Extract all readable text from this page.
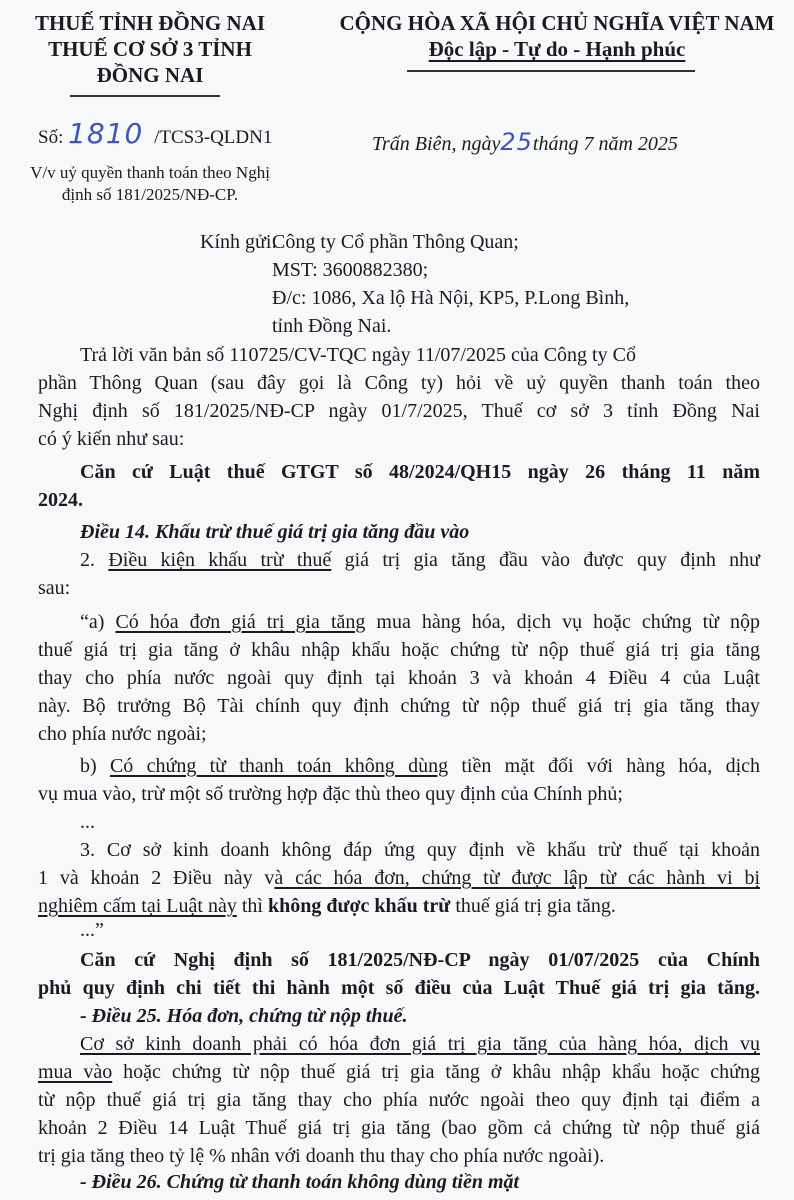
THUẾ TỈNH ĐỒNG NAI
THUẾ CƠ SỞ 3 TỈNH
ĐỒNG NAI
CỘNG HÒA XÃ HỘI CHỦ NGHĨA VIỆT NAM
Độc lập - Tự do - Hạnh phúc
Số: 1810 /TCS3-QLDN1	Trấn Biên, ngày25tháng 7 năm 2025
V/v uỷ quyền thanh toán theo Nghị
định số 181/2025/NĐ-CP.
Kính gửi:
Công ty Cổ phần Thông Quan;
MST: 3600882380;
Đ/c: 1086, Xa lộ Hà Nội, KP5, P.Long Bình,
tỉnh Đồng Nai.
Trả lời văn bản số 110725/CV-TQC ngày 11/07/2025 của Công ty Cổ
phần Thông Quan (sau đây gọi là Công ty) hỏi về uỷ quyền thanh toán theo
Nghị định số 181/2025/NĐ-CP ngày 01/7/2025, Thuế cơ sở 3 tỉnh Đồng Nai
có ý kiến như sau:
Căn cứ Luật thuế GTGT số 48/2024/QH15 ngày 26 tháng 11 năm
2024.
Điều 14. Khấu trừ thuế giá trị gia tăng đầu vào
2. Điều kiện khấu trừ thuế giá trị gia tăng đầu vào được quy định như
sau:
“a) Có hóa đơn giá trị gia tăng mua hàng hóa, dịch vụ hoặc chứng từ nộp
thuế giá trị gia tăng ở khâu nhập khẩu hoặc chứng từ nộp thuế giá trị gia tăng
thay cho phía nước ngoài quy định tại khoản 3 và khoản 4 Điều 4 của Luật
này. Bộ trưởng Bộ Tài chính quy định chứng từ nộp thuế giá trị gia tăng thay
cho phía nước ngoài;
b) Có chứng từ thanh toán không dùng tiền mặt đối với hàng hóa, dịch
vụ mua vào, trừ một số trường hợp đặc thù theo quy định của Chính phủ;
...
3. Cơ sở kinh doanh không đáp ứng quy định về khấu trừ thuế tại khoản
1 và khoản 2 Điều này và các hóa đơn, chứng từ được lập từ các hành vi bị
nghiêm cấm tại Luật này thì không được khấu trừ thuế giá trị gia tăng.
...”
Căn cứ Nghị định số 181/2025/NĐ-CP ngày 01/07/2025 của Chính
phủ quy định chi tiết thi hành một số điều của Luật Thuế giá trị gia tăng.
- Điều 25. Hóa đơn, chứng từ nộp thuế.
Cơ sở kinh doanh phải có hóa đơn giá trị gia tăng của hàng hóa, dịch vụ
mua vào hoặc chứng từ nộp thuế giá trị gia tăng ở khâu nhập khẩu hoặc chứng
từ nộp thuế giá trị gia tăng thay cho phía nước ngoài theo quy định tại điểm a
khoản 2 Điều 14 Luật Thuế giá trị gia tăng (bao gồm cả chứng từ nộp thuế giá
trị gia tăng theo tỷ lệ % nhân với doanh thu thay cho phía nước ngoài).
- Điều 26. Chứng từ thanh toán không dùng tiền mặt
